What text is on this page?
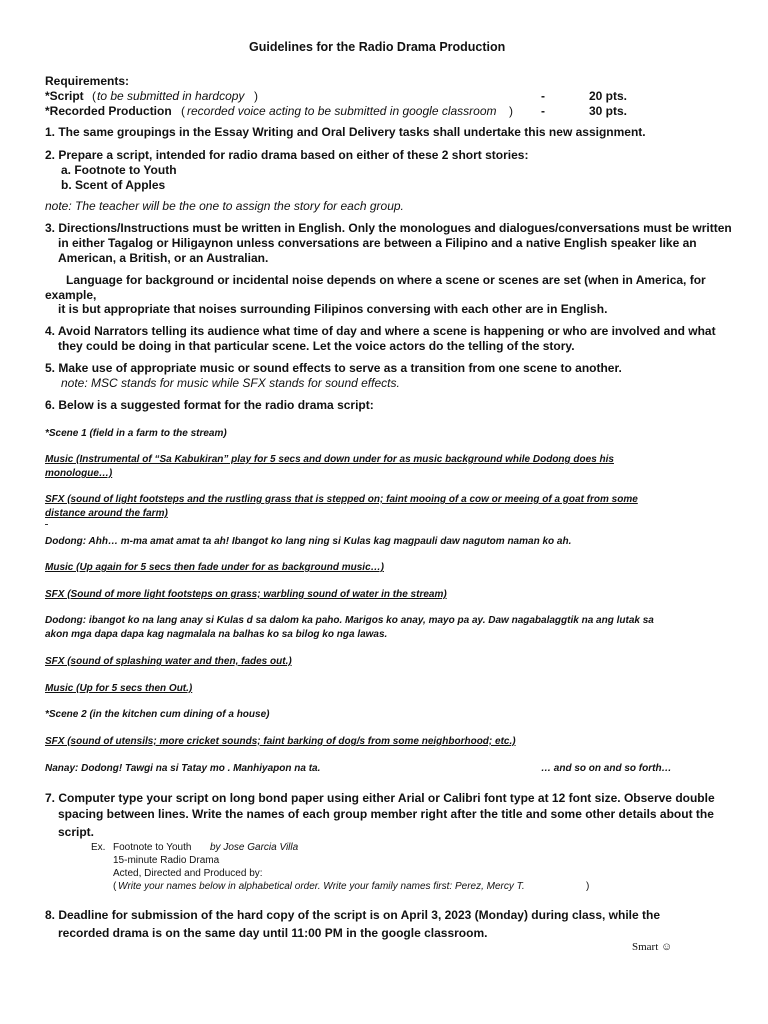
Guidelines for the Radio Drama Production
Requirements:
*Script ( to be submitted in hardcopy )	-	20 pts.
*Recorded Production ( recorded voice acting to be submitted in google classroom ) -	30 pts.
1. The same groupings in the Essay Writing and Oral Delivery tasks shall undertake this new assignment.
2. Prepare a script, intended for radio drama based on either of these 2 short stories:
a. Footnote to Youth
b. Scent of Apples
note: The teacher will be the one to assign the story for each group.
3. Directions/Instructions must be written in English. Only the monologues and dialogues/conversations must be written
in either Tagalog or Hiligaynon unless conversations are between a Filipino and a native English speaker like an
American, a British, or an Australian.
Language for background or incidental noise depends on where a scene or scenes are set (when in America, for
example,
it is but appropriate that noises surrounding Filipinos conversing with each other are in English.
4. Avoid Narrators telling its audience what time of day and where a scene is happening or who are involved and what
they could be doing in that particular scene. Let the voice actors do the telling of the story.
5. Make use of appropriate music or sound effects to serve as a transition from one scene to another.
note: MSC stands for music while SFX stands for sound effects.
6. Below is a suggested format for the radio drama script:
*Scene 1 (field in a farm to the stream)
Music (Instrumental of “Sa Kabukiran” play for 5 secs and down under for as music background while Dodong does his
monologue…)
SFX (sound of light footsteps and the rustling grass that is stepped on; faint mooing of a cow or meeing of a goat from some
distance around the farm)
Dodong: Ahh… m-ma amat amat ta ah! Ibangot ko lang ning si Kulas kag magpauli daw nagutom naman ko ah.
Music (Up again for 5 secs then fade under for as background music…)
SFX (Sound of more light footsteps on grass; warbling sound of water in the stream)
Dodong: ibangot ko na lang anay si Kulas d sa dalom ka paho. Marigos ko anay, mayo pa ay. Daw nagabalaggtik na ang lutak sa
akon mga dapa dapa kag nagmalala na balhas ko sa bilog ko nga lawas.
SFX (sound of splashing water and then, fades out.)
Music (Up for 5 secs then Out.)
*Scene 2 (in the kitchen cum dining of a house)
SFX (sound of utensils; more cricket sounds; faint barking of dog/s from some neighborhood; etc.)
Nanay: Dodong! Tawgi na si Tatay mo . Manhiyapon na ta.	… and so on and so forth…
7. Computer type your script on long bond paper using either Arial or Calibri font type at 12 font size. Observe double
spacing between lines. Write the names of each group member right after the title and some other details about the
script.
Ex. Footnote to Youth by Jose Garcia Villa
15-minute Radio Drama
Acted, Directed and Produced by:
( Write your names below in alphabetical order. Write your family names first: Perez, Mercy T.	)
8. Deadline for submission of the hard copy of the script is on April 3, 2023 (Monday) during class, while the
recorded drama is on the same day until 11:00 PM in the google classroom.
Smart ☺
